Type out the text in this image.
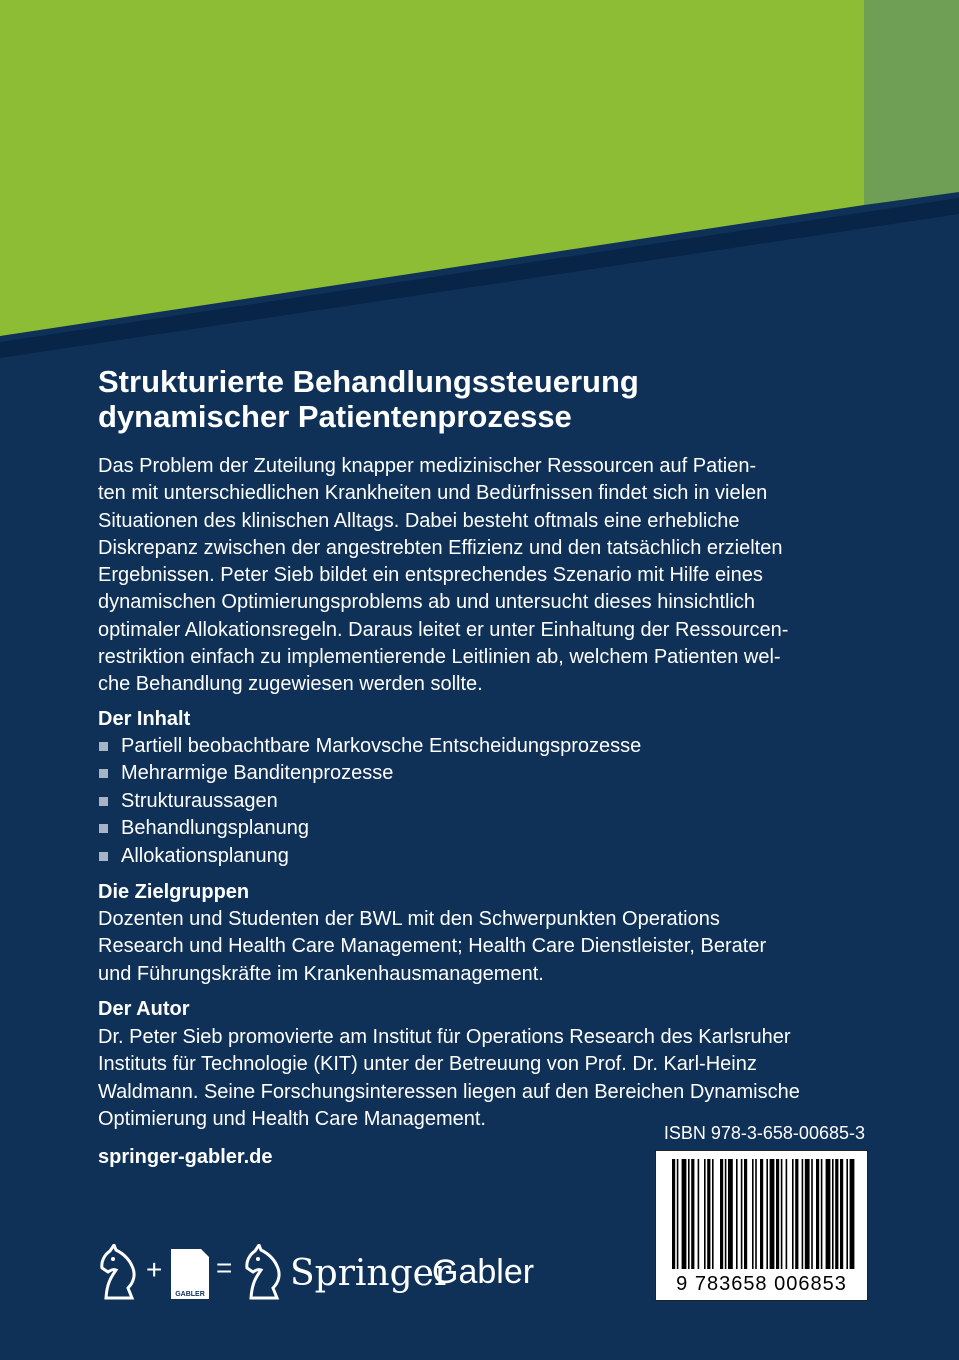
Strukturierte Behandlungssteuerung
dynamischer Patientenprozesse
Das Problem der Zuteilung knapper medizinischer Ressourcen auf Patien-
ten mit unterschiedlichen Krankheiten und Bedürfnissen findet sich in vielen
Situationen des klinischen Alltags. Dabei besteht oftmals eine erhebliche
Diskrepanz zwischen der angestrebten Effizienz und den tatsächlich erzielten
Ergebnissen. Peter Sieb bildet ein entsprechendes Szenario mit Hilfe eines
dynamischen Optimierungsproblems ab und untersucht dieses hinsichtlich
optimaler Allokationsregeln. Daraus leitet er unter Einhaltung der Ressourcen-
restriktion einfach zu implementierende Leitlinien ab, welchem Patienten wel-
che Behandlung zugewiesen werden sollte.
Der Inhalt
Partiell beobachtbare Markovsche Entscheidungsprozesse
Mehrarmige Banditenprozesse
Strukturaussagen
Behandlungsplanung
Allokationsplanung
Die Zielgruppen
Dozenten und Studenten der BWL mit den Schwerpunkten Operations
Research und Health Care Management; Health Care Dienstleister, Berater
und Führungskräfte im Krankenhausmanagement.
Der Autor
Dr. Peter Sieb promovierte am Institut für Operations Research des Karlsruher
Instituts für Technologie (KIT) unter der Betreuung von Prof. Dr. Karl-Heinz
Waldmann. Seine Forschungsinteressen liegen auf den Bereichen Dynamische
Optimierung und Health Care Management.
ISBN 978-3-658-00685-3
9 783658 006853
springer-gabler.de
+
GABLER
= Springer
Gabler
